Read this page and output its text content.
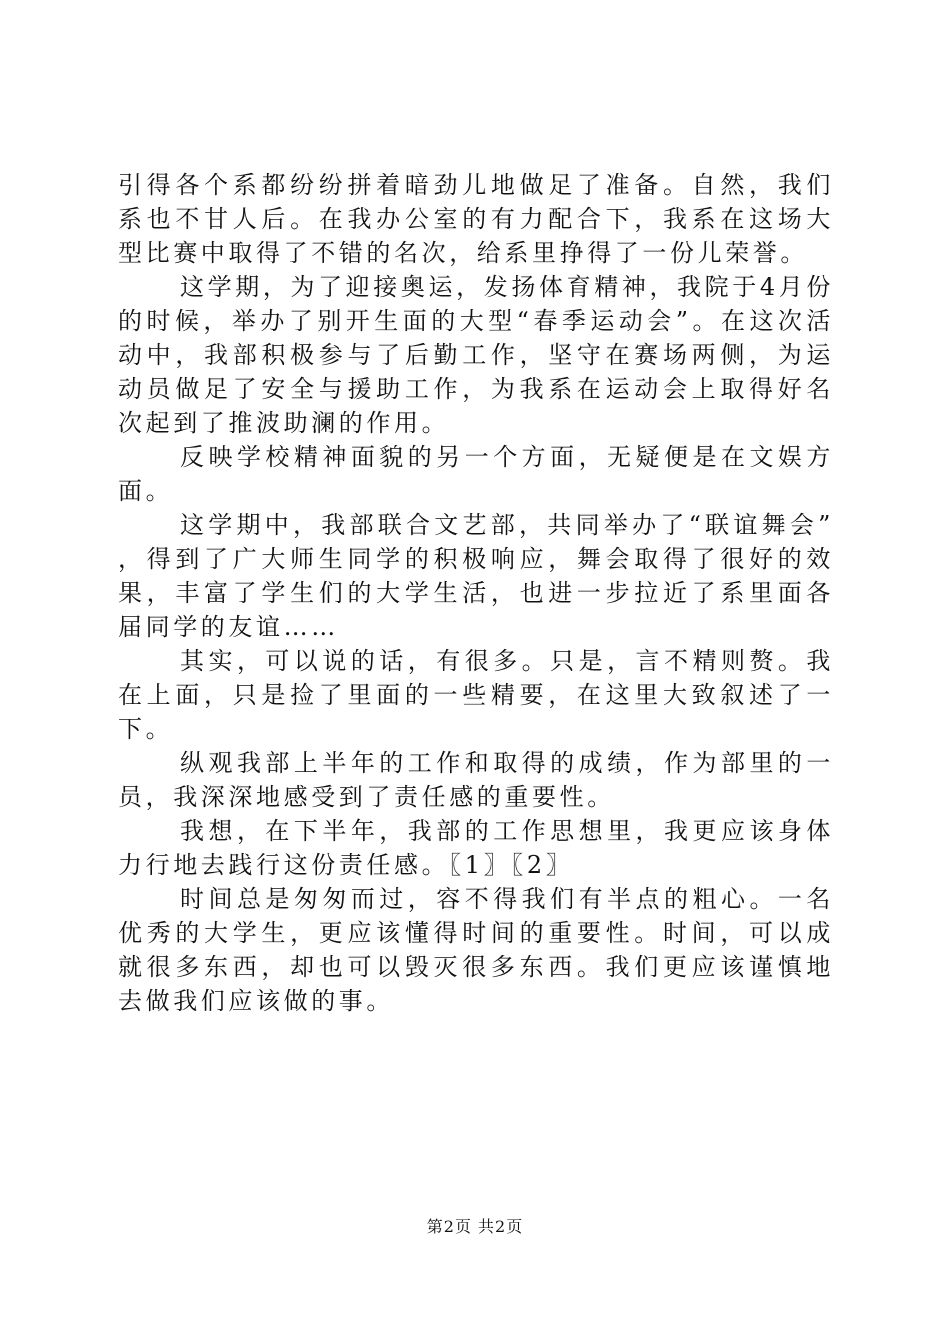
引得各个系都纷纷拼着暗劲儿地做足了准备。自然，我们系也不甘人后。在我办公室的有力配合下，我系在这场大型比赛中取得了不错的名次，给系里挣得了一份儿荣誉。

这学期，为了迎接奥运，发扬体育精神，我院于4月份的时候，举办了别开生面的大型“春季运动会”。在这次活动中，我部积极参与了后勤工作，坚守在赛场两侧，为运动员做足了安全与援助工作，为我系在运动会上取得好名次起到了推波助澜的作用。

反映学校精神面貌的另一个方面，无疑便是在文娱方面。

这学期中，我部联合文艺部，共同举办了“联谊舞会”，得到了广大师生同学的积极响应，舞会取得了很好的效果，丰富了学生们的大学生活，也进一步拉近了系里面各届同学的友谊……

其实，可以说的话，有很多。只是，言不精则赘。我在上面，只是捡了里面的一些精要，在这里大致叙述了一下。

纵观我部上半年的工作和取得的成绩，作为部里的一员，我深深地感受到了责任感的重要性。

我想，在下半年，我部的工作思想里，我更应该身体力行地去践行这份责任感。〖1〗〖2〗

时间总是匆匆而过，容不得我们有半点的粗心。一名优秀的大学生，更应该懂得时间的重要性。时间，可以成就很多东西，却也可以毁灭很多东西。我们更应该谨慎地去做我们应该做的事。

第2页 共2页
